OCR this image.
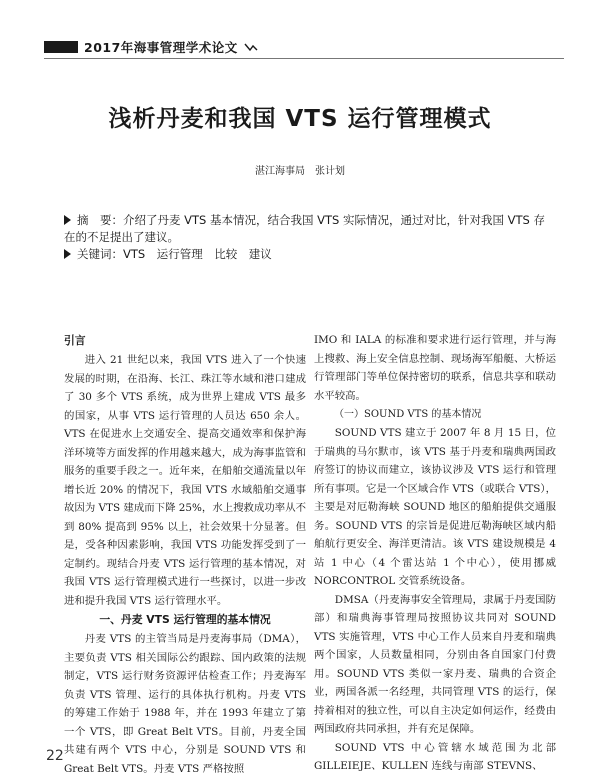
2017年海事管理学术论文
浅析丹麦和我国 VTS 运行管理模式
湛江海事局　张计划

摘　要：介绍了丹麦 VTS 基本情况，结合我国 VTS 实际情况，通过对比，针对我国 VTS 存在的不足提出了建议。

关键词：VTS　运行管理　比较　建议

引言

进入 21 世纪以来，我国 VTS 进入了一个快速发展的时期，在沿海、长江、珠江等水域和港口建成了 30 多个 VTS 系统，成为世界上建成 VTS 最多的国家，从事 VTS 运行管理的人员达 650 余人。VTS 在促进水上交通安全、提高交通效率和保护海洋环境等方面发挥的作用越来越大，成为海事监管和服务的重要手段之一。近年来，在船舶交通流量以年增长近 20% 的情况下，我国 VTS 水域船舶交通事故因为 VTS 建成而下降 25%，水上搜救成功率从不到 80% 提高到 95% 以上，社会效果十分显著。但是，受各种因素影响，我国 VTS 功能发挥受到了一定制约。现结合丹麦 VTS 运行管理的基本情况，对我国 VTS 运行管理模式进行一些探讨，以进一步改进和提升我国 VTS 运行管理水平。

一、丹麦 VTS 运行管理的基本情况

丹麦 VTS 的主管当局是丹麦海事局（DMA），主要负责 VTS 相关国际公约跟踪、国内政策的法规制定，VTS 运行财务资源评估检查工作；丹麦海军负责 VTS 管理、运行的具体执行机构。丹麦 VTS 的筹建工作始于 1988 年，并在 1993 年建立了第一个 VTS，即 Great Belt VTS。目前，丹麦全国共建有两个 VTS 中心，分别是 SOUND VTS 和 Great Belt VTS。丹麦 VTS 严格按照

IMO 和 IALA 的标准和要求进行运行管理，并与海上搜救、海上安全信息控制、现场海军船艇、大桥运行管理部门等单位保持密切的联系，信息共享和联动水平较高。

（一）SOUND VTS 的基本情况

SOUND VTS 建立于 2007 年 8 月 15 日，位于瑞典的马尔默市，该 VTS 基于丹麦和瑞典两国政府签订的协议而建立，该协议涉及 VTS 运行和管理所有事项。它是一个区域合作 VTS（或联合 VTS），主要是对厄勒海峡 SOUND 地区的船舶提供交通服务。SOUND VTS 的宗旨是促进厄勒海峡区域内船舶航行更安全、海洋更清洁。该 VTS 建设规模是 4 站 1 中心（4 个雷达站 1 个中心），使用挪威 NORCONTROL 交管系统设备。

DMSA（丹麦海事安全管理局，隶属于丹麦国防部）和瑞典海事管理局按照协议共同对 SOUND VTS 实施管理，VTS 中心工作人员来自丹麦和瑞典两个国家，人员数量相同，分别由各自国家门付费用。SOUND VTS 类似一家丹麦、瑞典的合资企业，两国各派一名经理，共同管理 VTS 的运行，保持着相对的独立性，可以自主决定如何运作，经费由两国政府共同承担，并有充足保障。

SOUND VTS 中心管辖水域范围为北部 GILLEIEJE、KULLEN 连线与南部 STEVNS、

22
